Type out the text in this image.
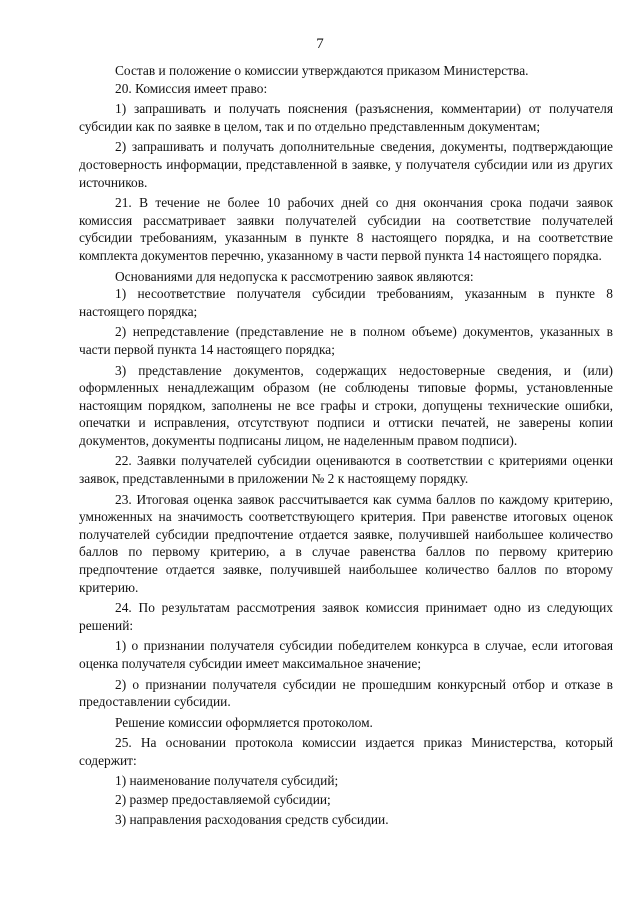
7

Состав и положение о комиссии утверждаются приказом Министерства.

20. Комиссия имеет право:

1) запрашивать и получать пояснения (разъяснения, комментарии) от получателя субсидии как по заявке в целом, так и по отдельно представленным документам;

2) запрашивать и получать дополнительные сведения, документы, подтверждающие достоверность информации, представленной в заявке, у получателя субсидии или из других источников.

21. В течение не более 10 рабочих дней со дня окончания срока подачи заявок комиссия рассматривает заявки получателей субсидии на соответствие получателей субсидии требованиям, указанным в пункте 8 настоящего порядка, и на соответствие комплекта документов перечню, указанному в части первой пункта 14 настоящего порядка.

Основаниями для недопуска к рассмотрению заявок являются:

1) несоответствие получателя субсидии требованиям, указанным в пункте 8 настоящего порядка;

2) непредставление (представление не в полном объеме) документов, указанных в части первой пункта 14 настоящего порядка;

3) представление документов, содержащих недостоверные сведения, и (или) оформленных ненадлежащим образом (не соблюдены типовые формы, установленные настоящим порядком, заполнены не все графы и строки, допущены технические ошибки, опечатки и исправления, отсутствуют подписи и оттиски печатей, не заверены копии документов, документы подписаны лицом, не наделенным правом подписи).

22. Заявки получателей субсидии оцениваются в соответствии с критериями оценки заявок, представленными в приложении № 2 к настоящему порядку.

23. Итоговая оценка заявок рассчитывается как сумма баллов по каждому критерию, умноженных на значимость соответствующего критерия. При равенстве итоговых оценок получателей субсидии предпочтение отдается заявке, получившей наибольшее количество баллов по первому критерию, а в случае равенства баллов по первому критерию предпочтение отдается заявке, получившей наибольшее количество баллов по второму критерию.

24. По результатам рассмотрения заявок комиссия принимает одно из следующих решений:

1) о признании получателя субсидии победителем конкурса в случае, если итоговая оценка получателя субсидии имеет максимальное значение;

2) о признании получателя субсидии не прошедшим конкурсный отбор и отказе в предоставлении субсидии.

Решение комиссии оформляется протоколом.

25. На основании протокола комиссии издается приказ Министерства, который содержит:

1) наименование получателя субсидий;

2) размер предоставляемой субсидии;

3) направления расходования средств субсидии.
